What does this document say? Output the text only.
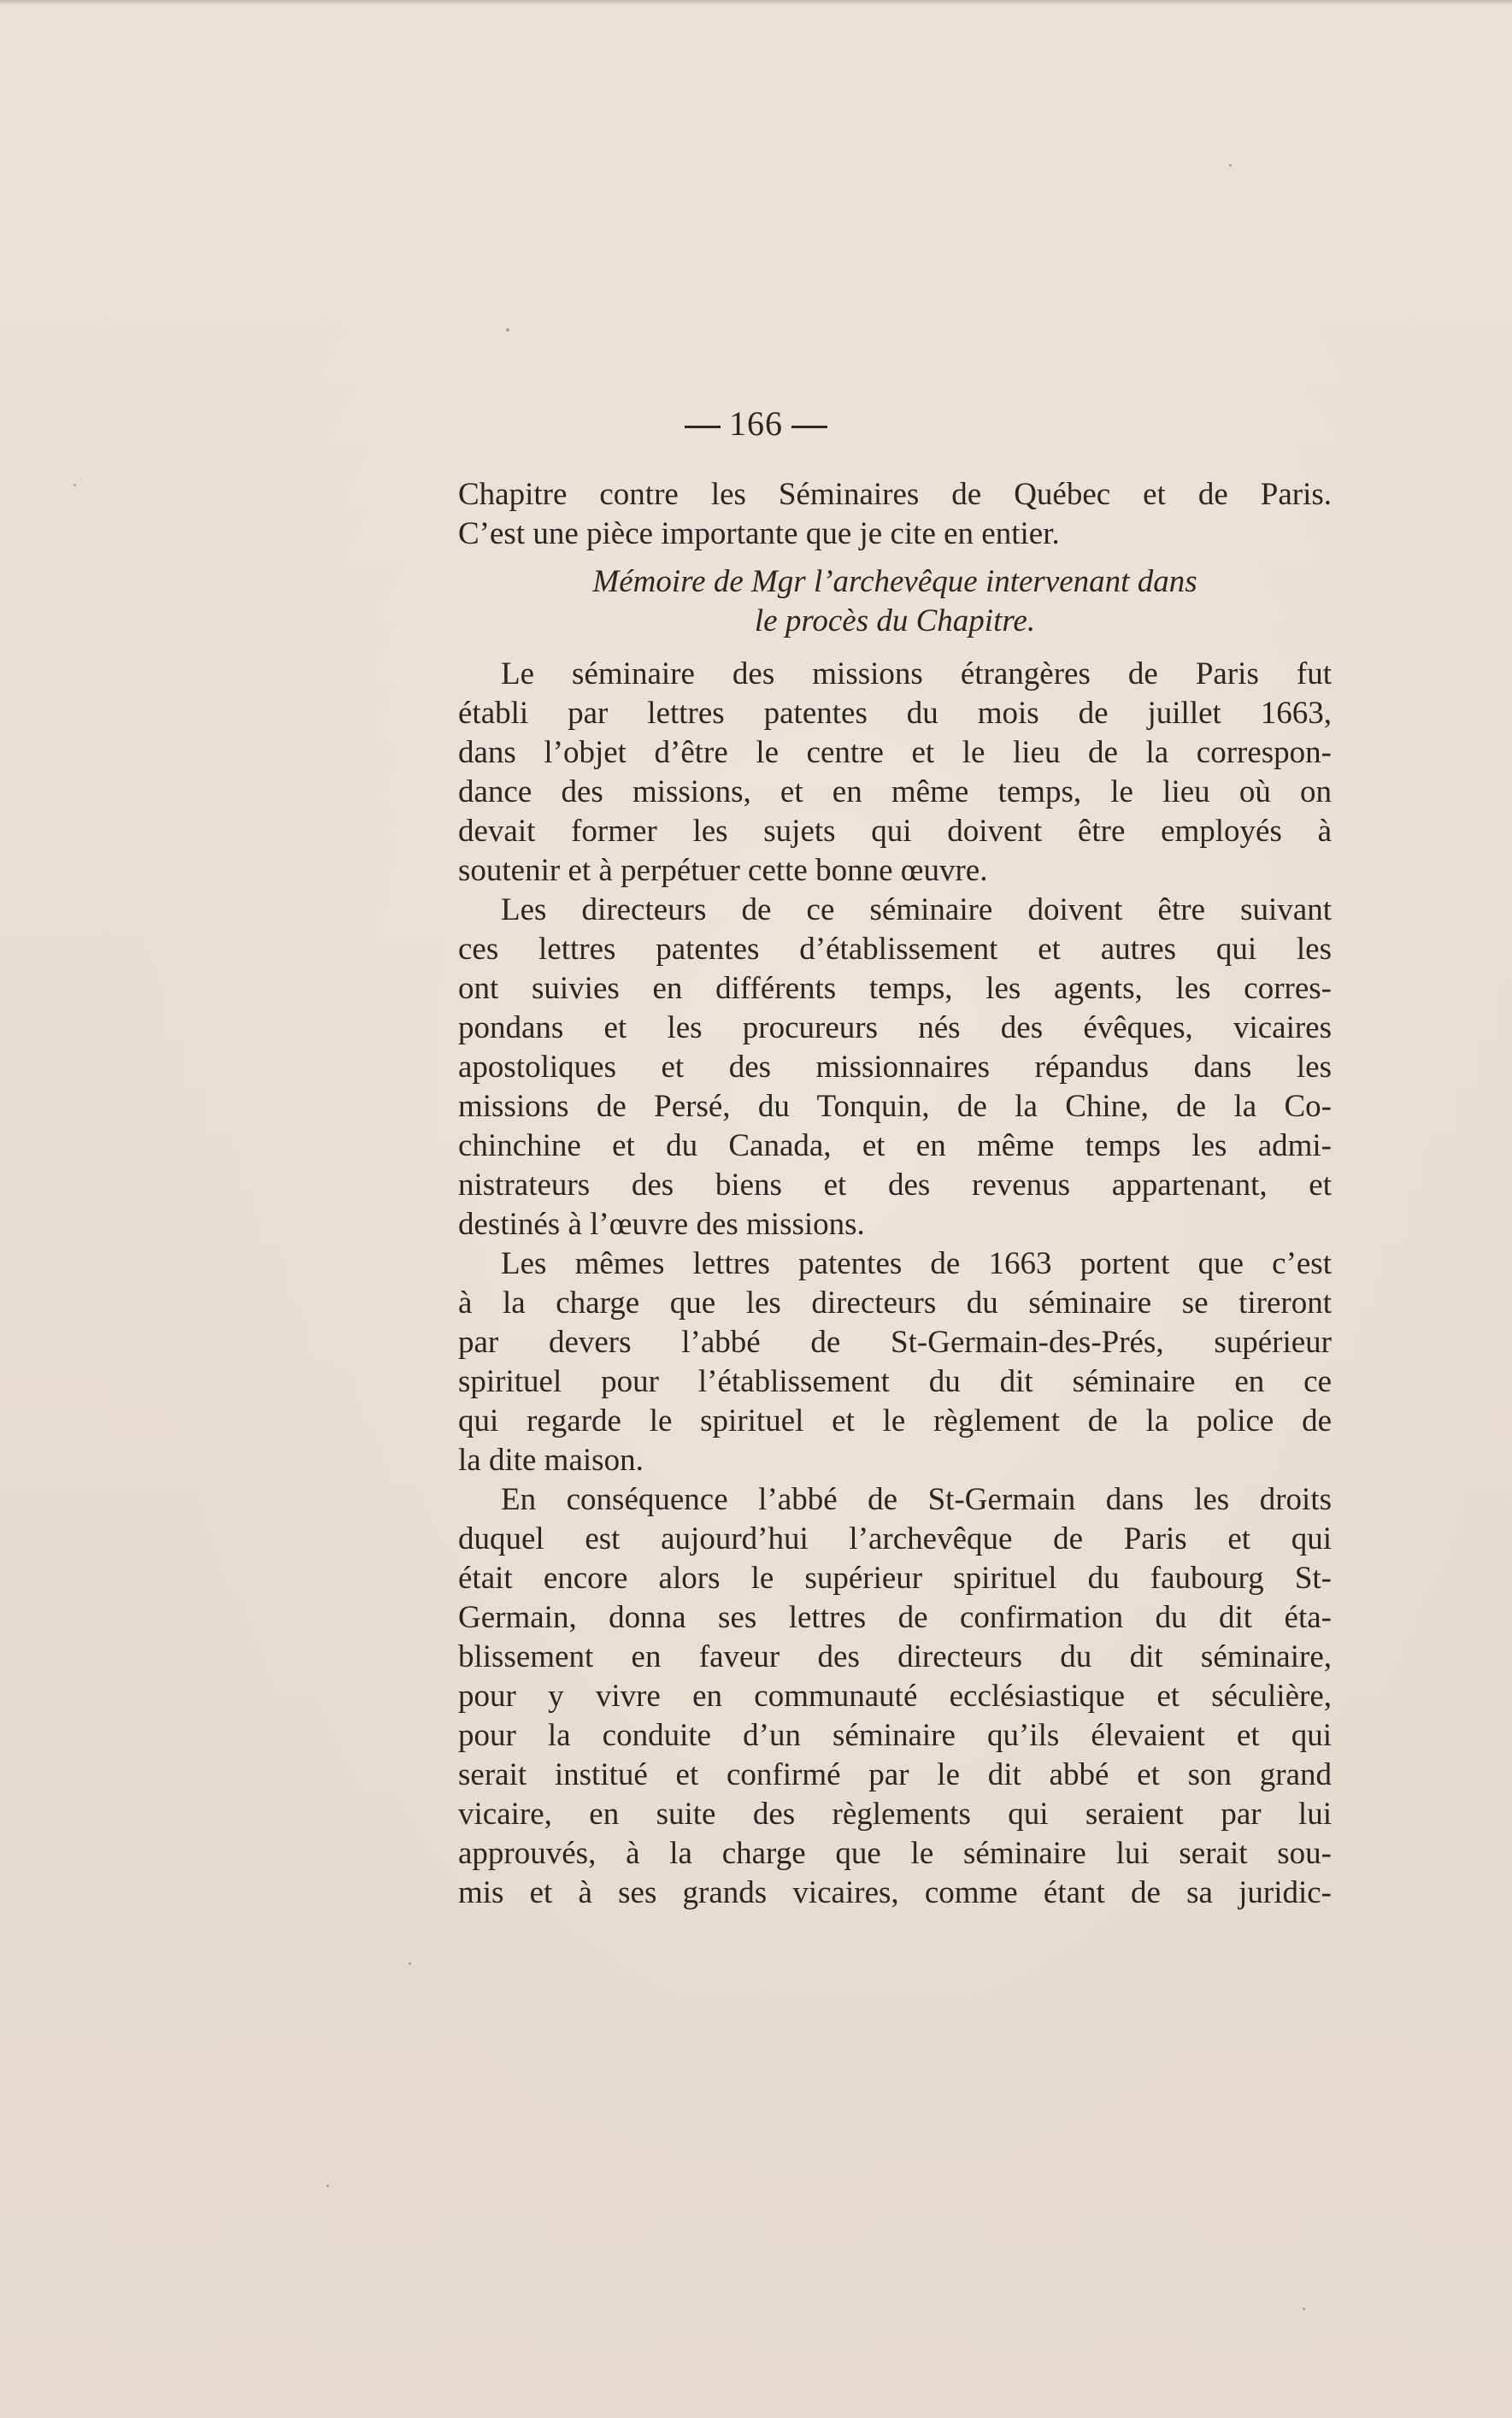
166
Chapitre contre les Séminaires de Québec et de Paris.
C’est une pièce importante que je cite en entier.
Mémoire de Mgr l’archevêque intervenant dans
le procès du Chapitre.
Le séminaire des missions étrangères de Paris fut
établi par lettres patentes du mois de juillet 1663,
dans l’objet d’être le centre et le lieu de la correspon-
dance des missions, et en même temps, le lieu où on
devait former les sujets qui doivent être employés à
soutenir et à perpétuer cette bonne œuvre.
Les directeurs de ce séminaire doivent être suivant
ces lettres patentes d’établissement et autres qui les
ont suivies en différents temps, les agents, les corres-
pondans et les procureurs nés des évêques, vicaires
apostoliques et des missionnaires répandus dans les
missions de Persé, du Tonquin, de la Chine, de la Co-
chinchine et du Canada, et en même temps les admi-
nistrateurs des biens et des revenus appartenant, et
destinés à l’œuvre des missions.
Les mêmes lettres patentes de 1663 portent que c’est
à la charge que les directeurs du séminaire se tireront
par devers l’abbé de St-Germain-des-Prés, supérieur
spirituel pour l’établissement du dit séminaire en ce
qui regarde le spirituel et le règlement de la police de
la dite maison.
En conséquence l’abbé de St-Germain dans les droits
duquel est aujourd’hui l’archevêque de Paris et qui
était encore alors le supérieur spirituel du faubourg St-
Germain, donna ses lettres de confirmation du dit éta-
blissement en faveur des directeurs du dit séminaire,
pour y vivre en communauté ecclésiastique et séculière,
pour la conduite d’un séminaire qu’ils élevaient et qui
serait institué et confirmé par le dit abbé et son grand
vicaire, en suite des règlements qui seraient par lui
approuvés, à la charge que le séminaire lui serait sou-
mis et à ses grands vicaires, comme étant de sa juridic-
